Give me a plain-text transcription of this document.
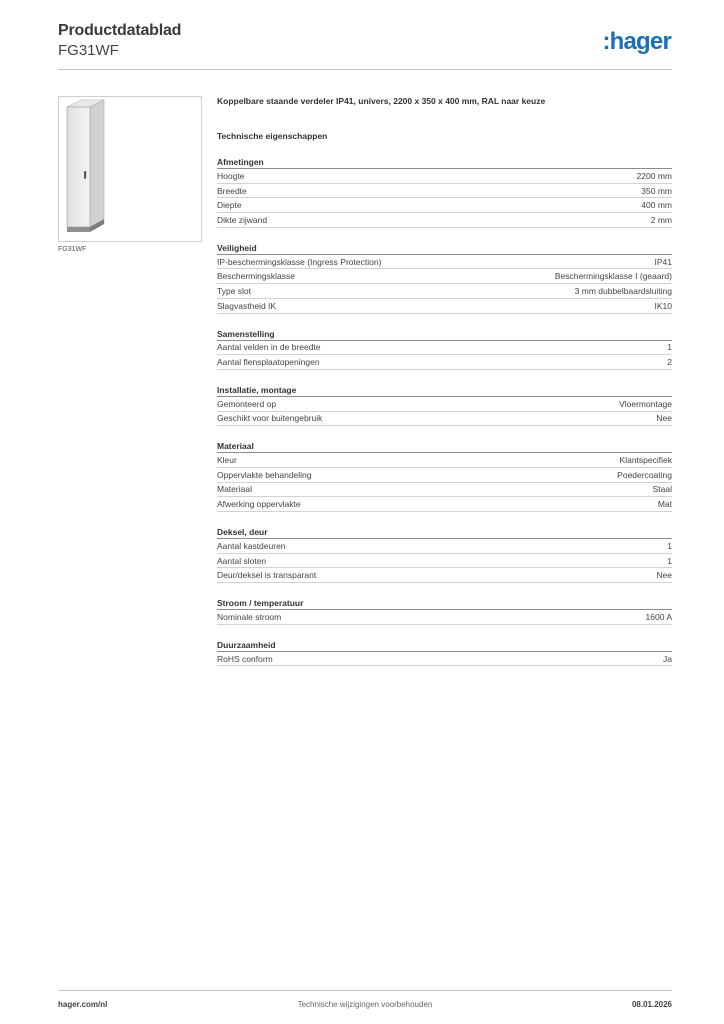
Productdatablad
FG31WF	:hager
FG31WF
Koppelbare staande verdeler IP41, univers, 2200 x 350 x 400 mm, RAL naar keuze
Technische eigenschappen
Afmetingen
Hoogte	2200 mm
Breedte	350 mm
Diepte	400 mm
Dikte zijwand	2 mm
Veiligheid
IP-beschermingsklasse (Ingress Protection)	IP41
Beschermingsklasse	Beschermingsklasse I (geaard)
Type slot	3 mm dubbelbaardsluiting
Slagvastheid IK	IK10
Samenstelling
Aantal velden in de breedte	1
Aantal flensplaatopeningen	2
Installatie, montage
Gemonteerd op	Vloermontage
Geschikt voor buitengebruik	Nee
Materiaal
Kleur	Klantspecifiek
Oppervlakte behandeling	Poedercoating
Materiaal	Staal
Afwerking oppervlakte	Mat
Deksel, deur
Aantal kastdeuren	1
Aantal sloten	1
Deur/deksel is transparant	Nee
Stroom / temperatuur
Nominale stroom	1600 A
Duurzaamheid
RoHS conform	Ja
hager.com/nl	Technische wijzigingen voorbehouden	08.01.2026
